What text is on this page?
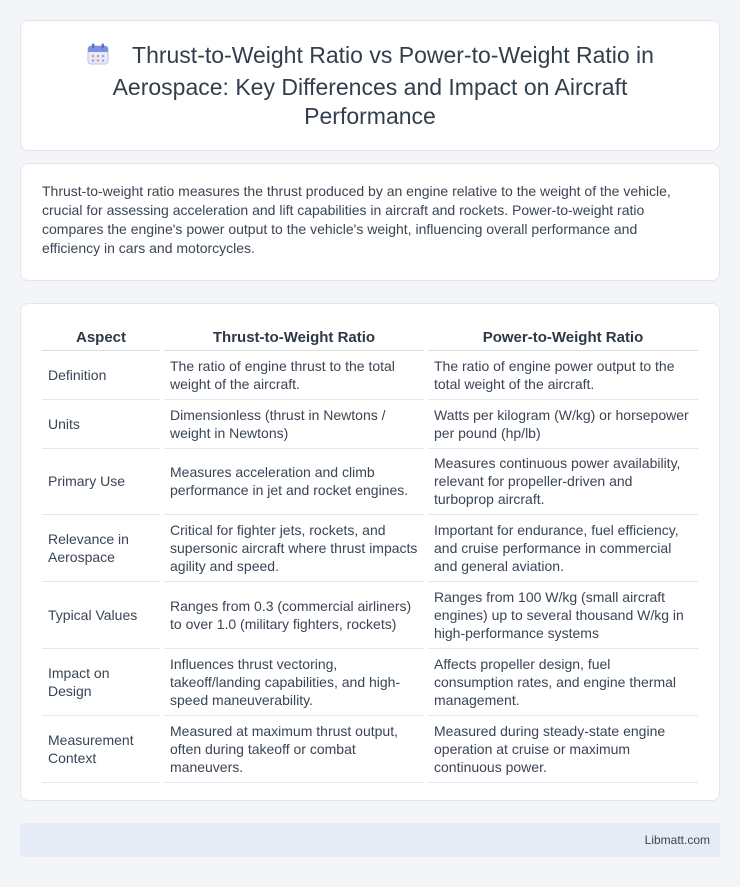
Thrust-to-Weight Ratio vs Power-to-Weight Ratio in Aerospace: Key Differences and Impact on Aircraft Performance

Thrust-to-weight ratio measures the thrust produced by an engine relative to the weight of the vehicle, crucial for assessing acceleration and lift capabilities in aircraft and rockets. Power-to-weight ratio compares the engine's power output to the vehicle's weight, influencing overall performance and efficiency in cars and motorcycles.

Aspect	Thrust-to-Weight Ratio	Power-to-Weight Ratio
Definition	The ratio of engine thrust to the total weight of the aircraft.	The ratio of engine power output to the total weight of the aircraft.
Units	Dimensionless (thrust in Newtons / weight in Newtons)	Watts per kilogram (W/kg) or horsepower per pound (hp/lb)
Primary Use	Measures acceleration and climb performance in jet and rocket engines.	Measures continuous power availability, relevant for propeller-driven and turboprop aircraft.
Relevance in Aerospace	Critical for fighter jets, rockets, and supersonic aircraft where thrust impacts agility and speed.	Important for endurance, fuel efficiency, and cruise performance in commercial and general aviation.
Typical Values	Ranges from 0.3 (commercial airliners) to over 1.0 (military fighters, rockets)	Ranges from 100 W/kg (small aircraft engines) up to several thousand W/kg in high-performance systems
Impact on Design	Influences thrust vectoring, takeoff/landing capabilities, and high-speed maneuverability.	Affects propeller design, fuel consumption rates, and engine thermal management.
Measurement Context	Measured at maximum thrust output, often during takeoff or combat maneuvers.	Measured during steady-state engine operation at cruise or maximum continuous power.
Libmatt.com
